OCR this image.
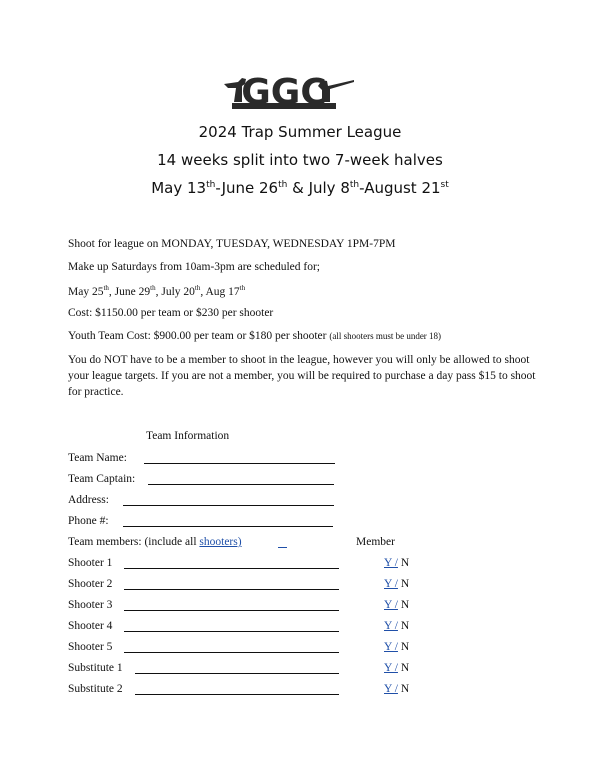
GGC
2024 Trap Summer League
14 weeks split into two 7-week halves
May 13th-June 26th & July 8th-August 21st
Shoot for league on MONDAY, TUESDAY, WEDNESDAY 1PM-7PM
Make up Saturdays from 10am-3pm are scheduled for;
May 25th, June 29th, July 20th, Aug 17th
Cost: $1150.00 per team or $230 per shooter
Youth Team Cost: $900.00 per team or $180 per shooter (all shooters must be under 18)
You do NOT have to be a member to shoot in the league, however you will only be allowed to shoot your league targets. If you are not a member, you will be required to purchase a day pass $15 to shoot for practice.
Team Information
Team Name:
Team Captain:
Address:
Phone #:
Team members: (include all shooters)	Member
Shooter 1	Y / N
Shooter 2	Y / N
Shooter 3	Y / N
Shooter 4	Y / N
Shooter 5	Y / N
Substitute 1	Y / N
Substitute 2	Y / N
